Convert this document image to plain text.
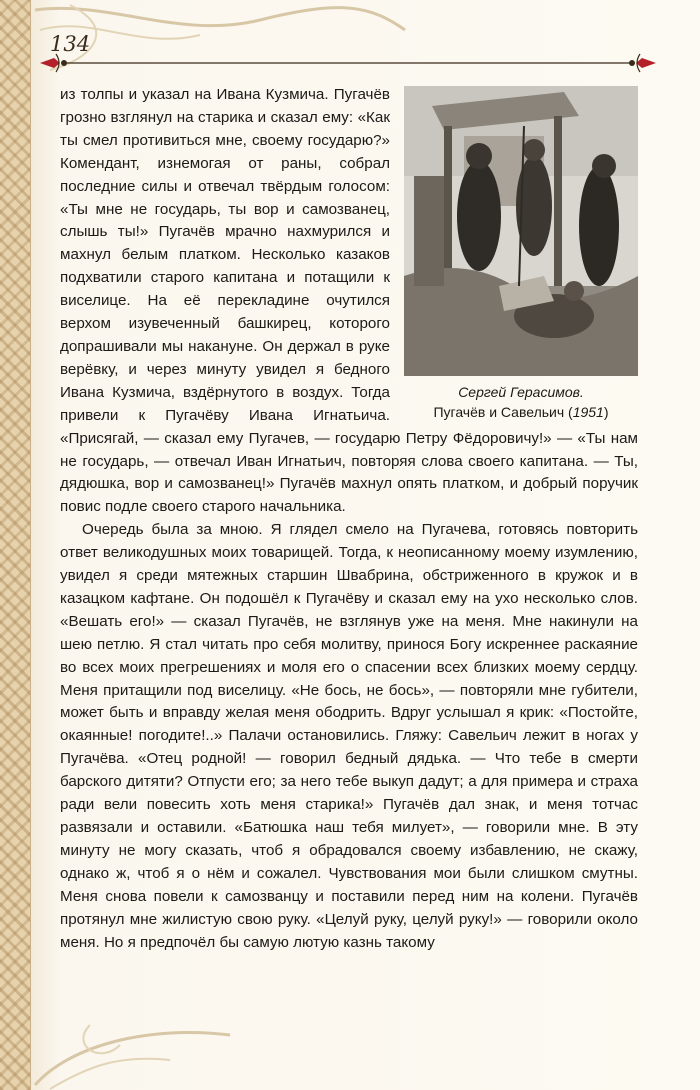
134
Сергей Герасимов.
Пугачёв и Савельич (1951)

из толпы и указал на Ивана Кузмича. Пугачёв грозно взглянул на старика и сказал ему: «Как ты смел противиться мне, своему государю?» Комендант, изнемогая от раны, собрал последние силы и отвечал твёрдым голосом: «Ты мне не государь, ты вор и самозванец, слышь ты!» Пугачёв мрачно нахмурился и махнул белым платком. Несколько казаков подхватили старого капитана и потащили к виселице. На её перекладине очутился верхом изувеченный башкирец, которого допрашивали мы накануне. Он держал в руке верёвку, и через минуту увидел я бедного Ивана Кузмича, вздёрнутого в воздух. Тогда привели к Пугачёву Ивана Игнатьича. «Присягай, — сказал ему Пугачев, — государю Петру Фёдоровичу!» — «Ты нам не государь, — отвечал Иван Игнатьич, повторяя слова своего капитана. — Ты, дядюшка, вор и самозванец!» Пугачёв махнул опять платком, и добрый поручик повис подле своего старого начальника.

Очередь была за мною. Я глядел смело на Пугачева, готовясь повторить ответ великодушных моих товарищей. Тогда, к неописанному моему изумлению, увидел я среди мятежных старшин Швабрина, обстриженного в кружок и в казацком кафтане. Он подошёл к Пугачёву и сказал ему на ухо несколько слов. «Вешать его!» — сказал Пугачёв, не взглянув уже на меня. Мне накинули на шею петлю. Я стал читать про себя молитву, принося Богу искреннее раскаяние во всех моих прегрешениях и моля его о спасении всех близких моему сердцу. Меня притащили под виселицу. «Не бось, не бось», — повторяли мне губители, может быть и вправду желая меня ободрить. Вдруг услышал я крик: «Постойте, окаянные! погодите!..» Палачи остановились. Гляжу: Савельич лежит в ногах у Пугачёва. «Отец родной! — говорил бедный дядька. — Что тебе в смерти барского дитяти? Отпусти его; за него тебе выкуп дадут; а для примера и страха ради вели повесить хоть меня старика!» Пугачёв дал знак, и меня тотчас развязали и оставили. «Батюшка наш тебя милует», — говорили мне. В эту минуту не могу сказать, чтоб я обрадовался своему избавлению, не скажу, однако ж, чтоб я о нём и сожалел. Чувствования мои были слишком смутны. Меня снова повели к самозванцу и поставили перед ним на колени. Пугачёв протянул мне жилистую свою руку. «Целуй руку, целуй руку!» — говорили около меня. Но я предпочёл бы самую лютую казнь такому
